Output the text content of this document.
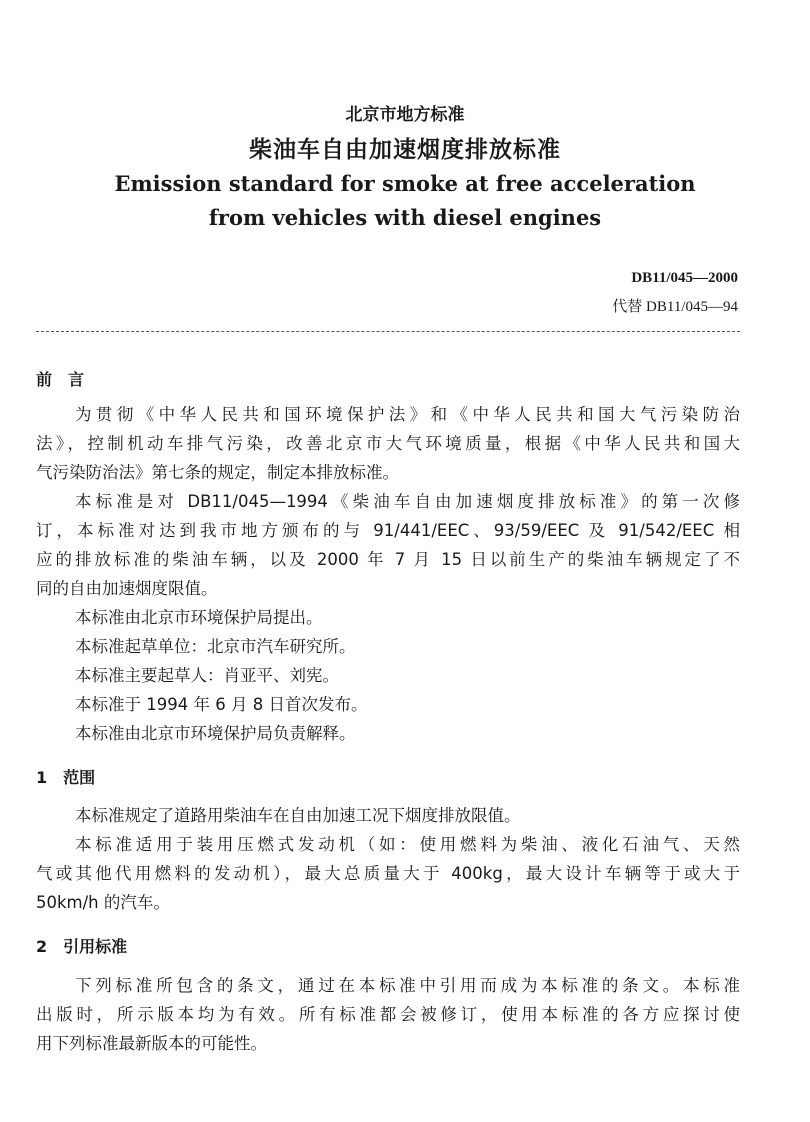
北京市地方标准
柴油车自由加速烟度排放标准
Emission standard for smoke at free acceleration
from vehicles with diesel engines
DB11/045—2000
代替 DB11/045—94
前　言
为贯彻《中华人民共和国环境保护法》和《中华人民共和国大气污染防治
法》，控制机动车排气污染，改善北京市大气环境质量，根据《中华人民共和国大
气污染防治法》第七条的规定，制定本排放标准。
本标准是对 DB11/045—1994《柴油车自由加速烟度排放标准》的第一次修
订，本标准对达到我市地方颁布的与 91/441/EEC、93/59/EEC 及 91/542/EEC 相
应的排放标准的柴油车辆，以及 2000 年 7 月 15 日以前生产的柴油车辆规定了不
同的自由加速烟度限值。
本标准由北京市环境保护局提出。
本标准起草单位：北京市汽车研究所。
本标准主要起草人：肖亚平、刘宪。
本标准于 1994 年 6 月 8 日首次发布。
本标准由北京市环境保护局负责解释。
1　范围
本标准规定了道路用柴油车在自由加速工况下烟度排放限值。
本标准适用于装用压燃式发动机（如：使用燃料为柴油、液化石油气、天然
气或其他代用燃料的发动机），最大总质量大于 400kg，最大设计车辆等于或大于
50km/h 的汽车。
2　引用标准
下列标准所包含的条文，通过在本标准中引用而成为本标准的条文。本标准
出版时，所示版本均为有效。所有标准都会被修订，使用本标准的各方应探讨使
用下列标准最新版本的可能性。
